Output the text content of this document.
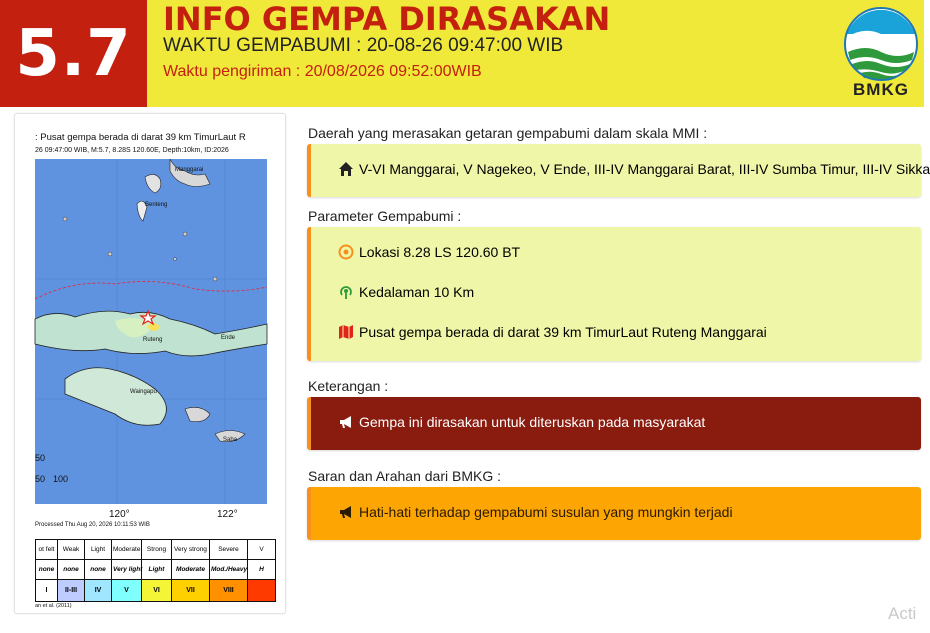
5.7 INFO GEMPA DIRASAKAN
WAKTU GEMPABUMI : 20-08-26 09:47:00 WIB
Waktu pengiriman : 20/08/2026 09:52:00WIB
BMKG
: Pusat gempa berada di darat 39 km TimurLaut R
26 09:47:00 WIB, M:5.7, 8.28S 120.60E, Depth:10km, ID:2026
Benteng
Ruteng
Waingapu
Ende
Saba
Manggarai
50
50 100
120°	122°
Processed Thu Aug 20, 2026 10:11:53 WIB
ot felt	Weak	Light	Moderate	Strong	Very strong	Severe	V
none	none	none	Very light	Light	Moderate	Mod./Heavy	H
I	II-III	IV	V	VI	VII	VIII	
an et al. (2011)
Daerah yang merasakan getaran gempabumi dalam skala MMI :
V-VI Manggarai, V Nagekeo, V Ende, III-IV Manggarai Barat, III-IV Sumba Timur, III-IV Sikka
Parameter Gempabumi :
Lokasi 8.28 LS 120.60 BT
Kedalaman 10 Km
Pusat gempa berada di darat 39 km TimurLaut Ruteng Manggarai
Keterangan :
Gempa ini dirasakan untuk diteruskan pada masyarakat
Saran dan Arahan dari BMKG :
Hati-hati terhadap gempabumi susulan yang mungkin terjadi
Acti
